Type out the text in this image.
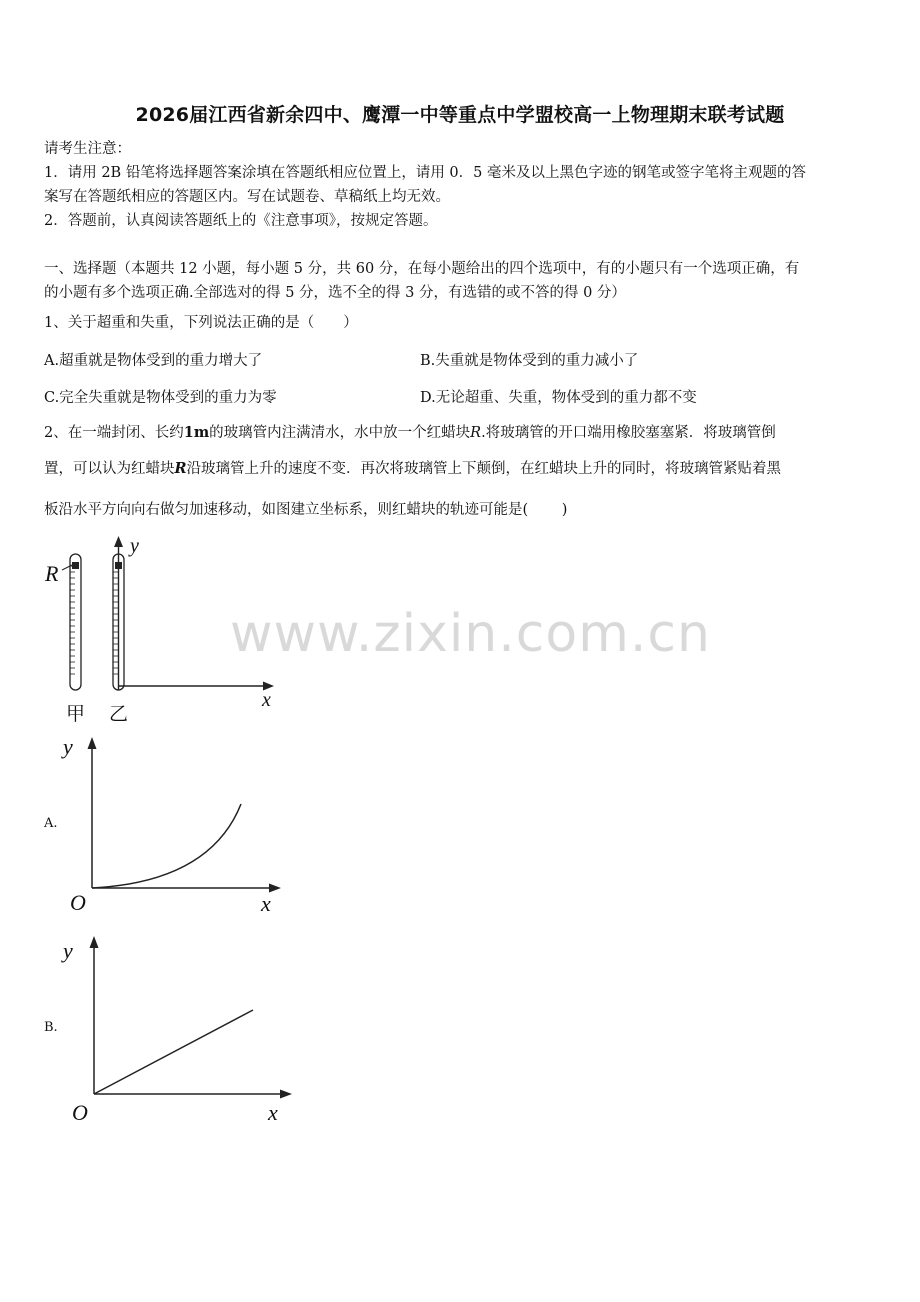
2026届江西省新余四中、鹰潭一中等重点中学盟校高一上物理期末联考试题
请考生注意：
1．请用 2B 铅笔将选择题答案涂填在答题纸相应位置上，请用 0．5 毫米及以上黑色字迹的钢笔或签字笔将主观题的答
案写在答题纸相应的答题区内。写在试题卷、草稿纸上均无效。
2．答题前，认真阅读答题纸上的《注意事项》，按规定答题。
一、选择题（本题共 12 小题，每小题 5 分，共 60 分，在每小题给出的四个选项中，有的小题只有一个选项正确，有
的小题有多个选项正确.全部选对的得 5 分，选不全的得 3 分，有选错的或不答的得 0 分）
1、关于超重和失重，下列说法正确的是（　　）
A.超重就是物体受到的重力增大了	B.失重就是物体受到的重力减小了
C.完全失重就是物体受到的重力为零	D.无论超重、失重，物体受到的重力都不变
2、在一端封闭、长约1m的玻璃管内注满清水，水中放一个红蜡块R.将玻璃管的开口端用橡胶塞塞紧．将玻璃管倒
置，可以认为红蜡块R沿玻璃管上升的速度不变．再次将玻璃管上下颠倒，在红蜡块上升的同时，将玻璃管紧贴着黑
板沿水平方向向右做匀加速移动，如图建立坐标系，则红蜡块的轨迹可能是(　　 )
www.zixin.com.cn
R
y
x
甲 乙
A.
y
O	x
B.
y
O	x
